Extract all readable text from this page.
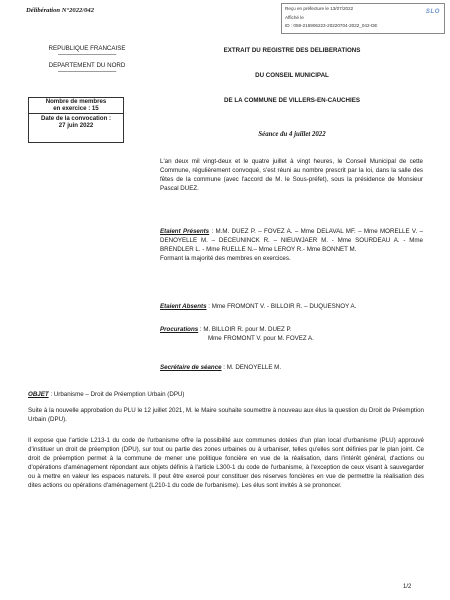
Délibération N°2022/042	Reçu en préfecture le 13/07/2022
Affiché le
ID : 059-215906223-20220704-2022_042-DE
SLO
REPUBLIQUE FRANCAISE
——————————
DEPARTEMENT DU NORD
——————————
Nombre de membres
en exercice : 15
Date de la convocation :
27 juin 2022
EXTRAIT DU REGISTRE DES DELIBERATIONS
DU CONSEIL MUNICIPAL
DE LA COMMUNE DE VILLERS-EN-CAUCHIES
Séance du 4 juillet 2022
L'an deux mil vingt-deux et le quatre juillet à vingt heures, le Conseil Municipal de cette Commune, régulièrement convoqué, s'est réuni au nombre prescrit par la loi, dans la salle des fêtes de la commune (avec l'accord de M. le Sous-préfet), sous la présidence de Monsieur Pascal DUEZ.
Etaient Présents : M.M. DUEZ P. – FOVEZ A. – Mme DELAVAL MF. – Mme MORELLE V. – DENOYELLE M. – DECEUNINCK R. – NIEUWJAER M. - Mme SOURDEAU A. - Mme BRENDLER L. - Mme RUELLE N.– Mme LEROY R.- Mme BONNET M.
Formant la majorité des membres en exercices.
Etaient Absents : Mme FROMONT V. - BILLOIR R. – DUQUESNOY A.
Procurations : M. BILLOIR R. pour M. DUEZ P.
Mme FROMONT V. pour M. FOVEZ A.
Secrétaire de séance : M. DENOYELLE M.
OBJET : Urbanisme – Droit de Préemption Urbain (DPU)
Suite à la nouvelle approbation du PLU le 12 juillet 2021, M. le Maire souhaite soumettre à nouveau aux élus la question du Droit de Préemption Urbain (DPU).
Il expose que l'article L213-1 du code de l'urbanisme offre la possibilité aux communes dotées d'un plan local d'urbanisme (PLU) approuvé d'instituer un droit de préemption (DPU), sur tout ou partie des zones urbaines ou à urbaniser, telles qu'elles sont définies par le plan joint. Ce droit de préemption permet à la commune de mener une politique foncière en vue de la réalisation, dans l'intérêt général, d'actions ou d'opérations d'aménagement répondant aux objets définis à l'article L300-1 du code de l'urbanisme, à l'exception de ceux visant à sauvegarder ou à mettre en valeur les espaces naturels. Il peut être exercé pour constituer des réserves foncières en vue de permettre la réalisation des dites actions ou opérations d'aménagement (L210-1 du code de l'urbanisme). Les élus sont invités à se prononcer.
1/2
